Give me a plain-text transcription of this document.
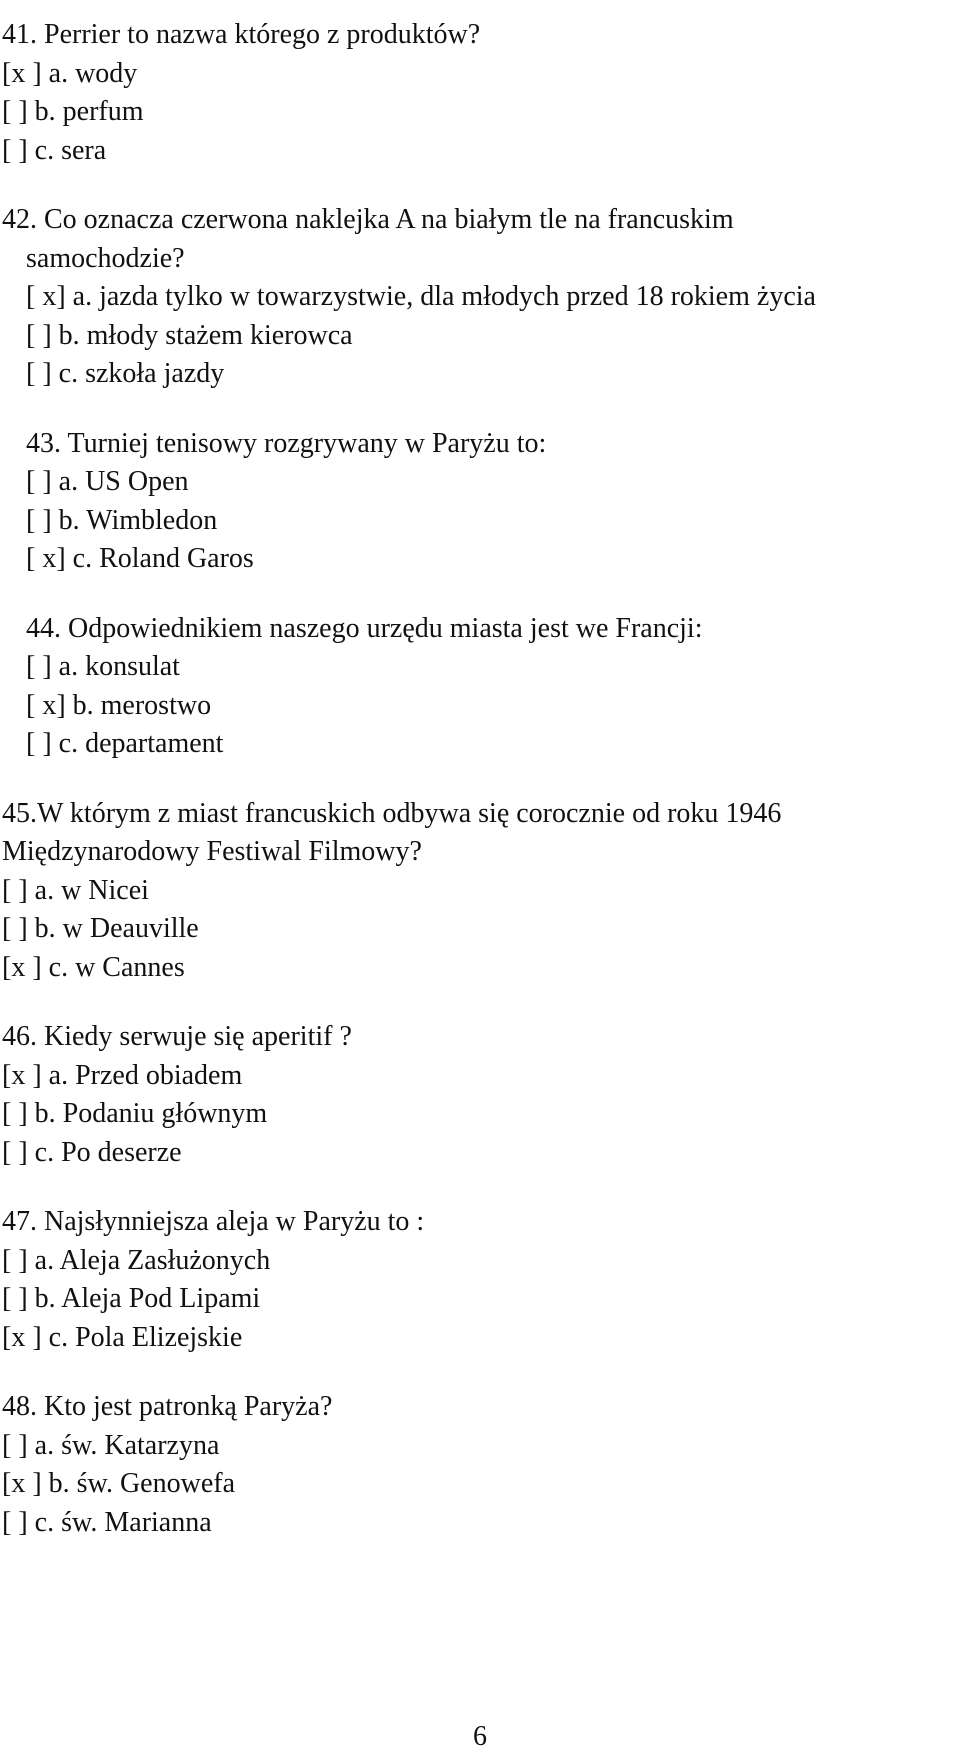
41. Perrier to nazwa którego z produktów?
[x ] a. wody
[ ] b. perfum
[ ] c. sera
42. Co oznacza czerwona naklejka A na białym tle na francuskim
samochodzie?
[ x] a. jazda tylko w towarzystwie, dla młodych przed 18 rokiem życia
[ ] b. młody stażem kierowca
[ ] c. szkoła jazdy
43. Turniej tenisowy rozgrywany w Paryżu to:
[ ] a. US Open
[ ] b. Wimbledon
[ x] c. Roland Garos
44. Odpowiednikiem naszego urzędu miasta jest we Francji:
[ ] a. konsulat
[ x] b. merostwo
[ ] c. departament
45.W którym z miast francuskich odbywa się corocznie od roku 1946
Międzynarodowy Festiwal Filmowy?
[ ] a. w Nicei
[ ] b. w Deauville
[x ] c. w Cannes
46. Kiedy serwuje się aperitif ?
[x ] a. Przed obiadem
[ ] b. Podaniu głównym
[ ] c. Po deserze
47. Najsłynniejsza aleja w Paryżu to :
[ ] a. Aleja Zasłużonych
[ ] b. Aleja Pod Lipami
[x ] c. Pola Elizejskie
48. Kto jest patronką Paryża?
[ ] a. św. Katarzyna
[x ] b. św. Genowefa
[ ] c. św. Marianna
6
